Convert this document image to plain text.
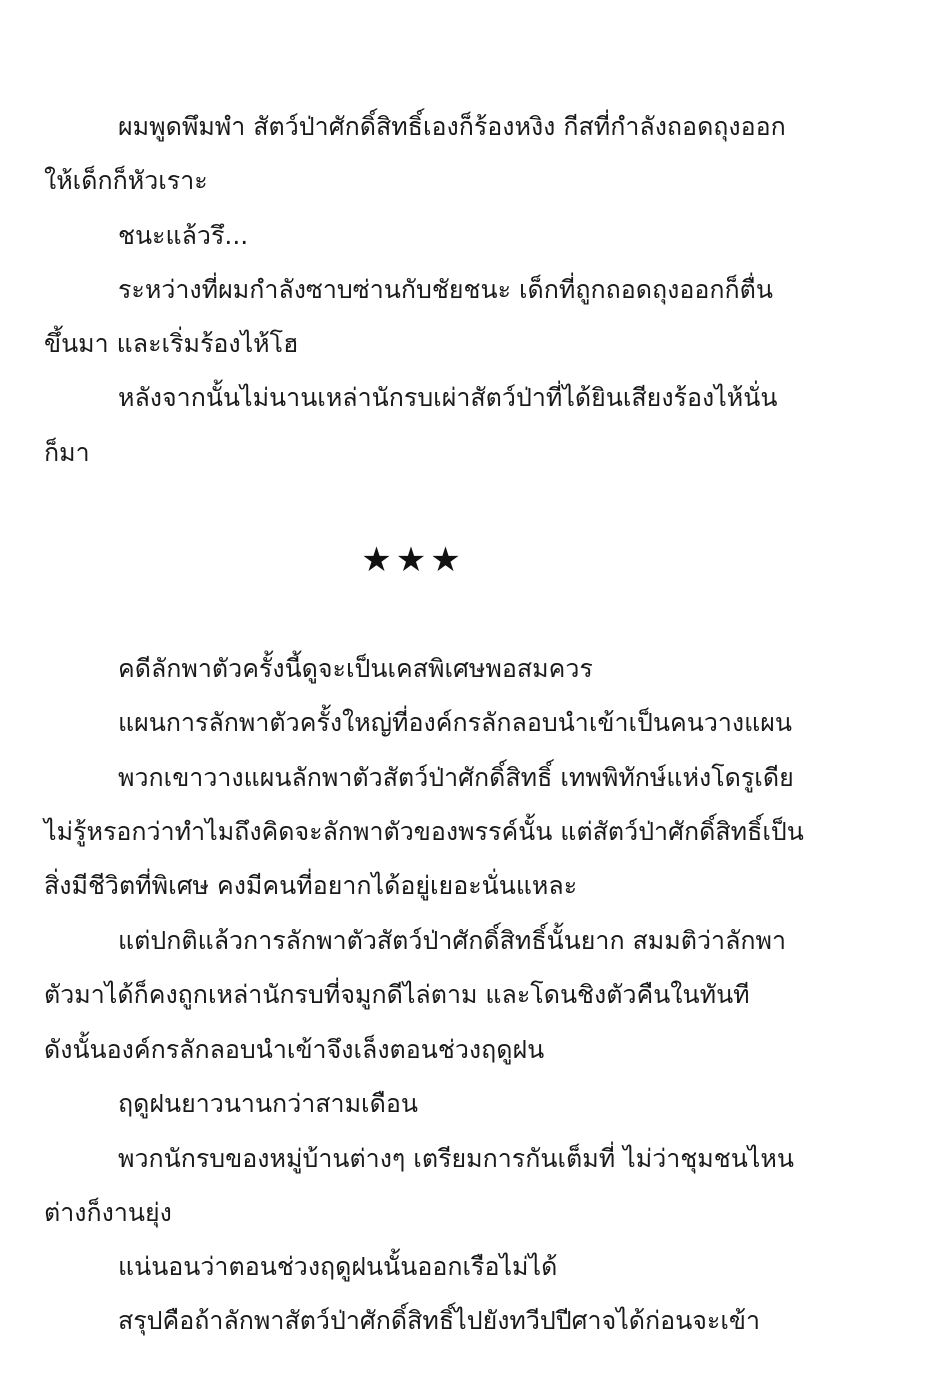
ผมพูดพึมพำ สัตว์ป่าศักดิ์สิทธิ์เองก็ร้องหงิง กีสที่กำลังถอดถุงออก
ให้เด็กก็หัวเราะ
ชนะแล้วรึ...
ระหว่างที่ผมกำลังซาบซ่านกับชัยชนะ เด็กที่ถูกถอดถุงออกก็ตื่น
ขึ้นมา และเริ่มร้องไห้โฮ
หลังจากนั้นไม่นานเหล่านักรบเผ่าสัตว์ป่าที่ได้ยินเสียงร้องไห้นั่น
ก็มา
★★★
คดีลักพาตัวครั้งนี้ดูจะเป็นเคสพิเศษพอสมควร
แผนการลักพาตัวครั้งใหญ่ที่องค์กรลักลอบนำเข้าเป็นคนวางแผน
พวกเขาวางแผนลักพาตัวสัตว์ป่าศักดิ์สิทธิ์ เทพพิทักษ์แห่งโดรูเดีย
ไม่รู้หรอกว่าทำไมถึงคิดจะลักพาตัวของพรรค์นั้น แต่สัตว์ป่าศักดิ์สิทธิ์เป็น
สิ่งมีชีวิตที่พิเศษ คงมีคนที่อยากได้อยู่เยอะนั่นแหละ
แต่ปกติแล้วการลักพาตัวสัตว์ป่าศักดิ์สิทธิ์นั้นยาก สมมติว่าลักพา
ตัวมาได้ก็คงถูกเหล่านักรบที่จมูกดีไล่ตาม และโดนชิงตัวคืนในทันที
ดังนั้นองค์กรลักลอบนำเข้าจึงเล็งตอนช่วงฤดูฝน
ฤดูฝนยาวนานกว่าสามเดือน
พวกนักรบของหมู่บ้านต่างๆ เตรียมการกันเต็มที่ ไม่ว่าชุมชนไหน
ต่างก็งานยุ่ง
แน่นอนว่าตอนช่วงฤดูฝนนั้นออกเรือไม่ได้
สรุปคือถ้าลักพาสัตว์ป่าศักดิ์สิทธิ์ไปยังทวีปปีศาจได้ก่อนจะเข้า
